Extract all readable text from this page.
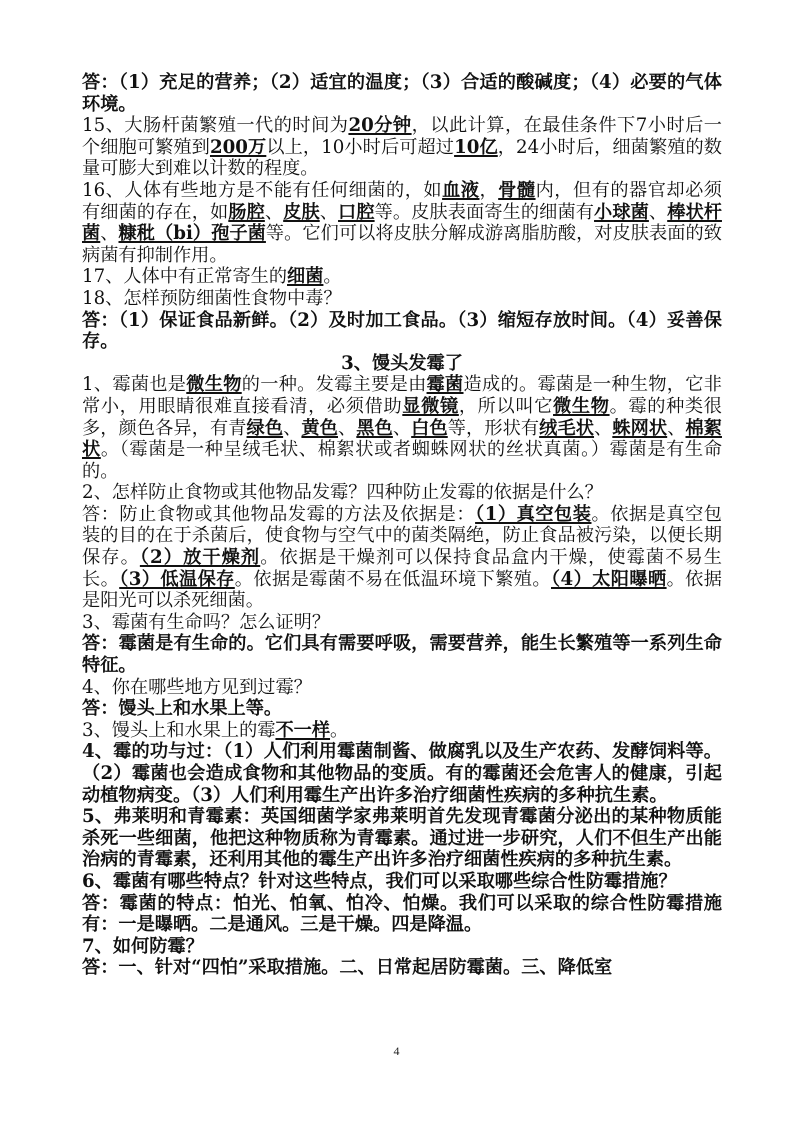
答：（1）充足的营养；（2）适宜的温度；（3）合适的酸碱度；（4）必要的气体环境。

15、大肠杆菌繁殖一代的时间为20分钟，以此计算，在最佳条件下7小时后一个细胞可繁殖到200万以上，10小时后可超过10亿，24小时后，细菌繁殖的数量可膨大到难以计数的程度。

16、人体有些地方是不能有任何细菌的，如血液，骨髓内，但有的器官却必须有细菌的存在，如肠腔、皮肤、口腔等。皮肤表面寄生的细菌有小球菌、棒状杆菌、糠秕（bi）孢子菌等。它们可以将皮肤分解成游离脂肪酸，对皮肤表面的致病菌有抑制作用。

17、人体中有正常寄生的细菌。

18、怎样预防细菌性食物中毒？

答：（1）保证食品新鲜。（2）及时加工食品。（3）缩短存放时间。（4）妥善保存。

3、馒头发霉了

1、霉菌也是微生物的一种。发霉主要是由霉菌造成的。霉菌是一种生物，它非常小，用眼睛很难直接看清，必须借助显微镜，所以叫它微生物。霉的种类很多，颜色各异，有青绿色、黄色、黑色、白色等，形状有绒毛状、蛛网状、棉絮状。（霉菌是一种呈绒毛状、棉絮状或者蜘蛛网状的丝状真菌。）霉菌是有生命的。

2、怎样防止食物或其他物品发霉？四种防止发霉的依据是什么？

答：防止食物或其他物品发霉的方法及依据是：（1）真空包装。依据是真空包装的目的在于杀菌后，使食物与空气中的菌类隔绝，防止食品被污染，以便长期保存。（2）放干燥剂。依据是干燥剂可以保持食品盒内干燥，使霉菌不易生长。（3）低温保存。依据是霉菌不易在低温环境下繁殖。（4）太阳曝晒。依据是阳光可以杀死细菌。

3、霉菌有生命吗？怎么证明？

答：霉菌是有生命的。它们具有需要呼吸，需要营养，能生长繁殖等一系列生命特征。

4、你在哪些地方见到过霉？

答：馒头上和水果上等。

3、馒头上和水果上的霉不一样。

4、霉的功与过：（1）人们利用霉菌制酱、做腐乳以及生产农药、发酵饲料等。（2）霉菌也会造成食物和其他物品的变质。有的霉菌还会危害人的健康，引起动植物病变。（3）人们利用霉生产出许多治疗细菌性疾病的多种抗生素。

5、弗莱明和青霉素：英国细菌学家弗莱明首先发现青霉菌分泌出的某种物质能杀死一些细菌，他把这种物质称为青霉素。通过进一步研究，人们不但生产出能治病的青霉素，还利用其他的霉生产出许多治疗细菌性疾病的多种抗生素。

6、霉菌有哪些特点？针对这些特点，我们可以采取哪些综合性防霉措施？

答：霉菌的特点：怕光、怕氧、怕冷、怕燥。我们可以采取的综合性防霉措施有：一是曝晒。二是通风。三是干燥。四是降温。

7、如何防霉？

答：一、针对“四怕”采取措施。二、日常起居防霉菌。三、降低室

4
